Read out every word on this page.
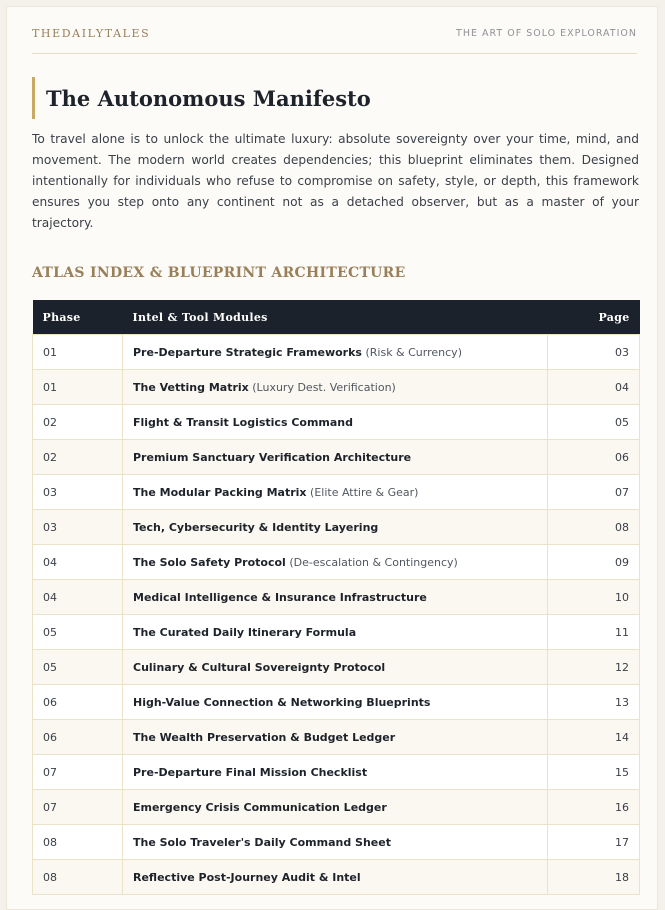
THEDAILYTALES	THE ART OF SOLO EXPLORATION
The Autonomous Manifesto

To travel alone is to unlock the ultimate luxury: absolute sovereignty over your time, mind, and movement. The modern world creates dependencies; this blueprint eliminates them. Designed intentionally for individuals who refuse to compromise on safety, style, or depth, this framework ensures you step onto any continent not as a detached observer, but as a master of your trajectory.

ATLAS INDEX & BLUEPRINT ARCHITECTURE
Phase	Intel & Tool Modules	Page
01	Pre-Departure Strategic Frameworks (Risk & Currency)	03
01	The Vetting Matrix (Luxury Dest. Verification)	04
02	Flight & Transit Logistics Command	05
02	Premium Sanctuary Verification Architecture	06
03	The Modular Packing Matrix (Elite Attire & Gear)	07
03	Tech, Cybersecurity & Identity Layering	08
04	The Solo Safety Protocol (De-escalation & Contingency)	09
04	Medical Intelligence & Insurance Infrastructure	10
05	The Curated Daily Itinerary Formula	11
05	Culinary & Cultural Sovereignty Protocol	12
06	High-Value Connection & Networking Blueprints	13
06	The Wealth Preservation & Budget Ledger	14
07	Pre-Departure Final Mission Checklist	15
07	Emergency Crisis Communication Ledger	16
08	The Solo Traveler's Daily Command Sheet	17
08	Reflective Post-Journey Audit & Intel	18
